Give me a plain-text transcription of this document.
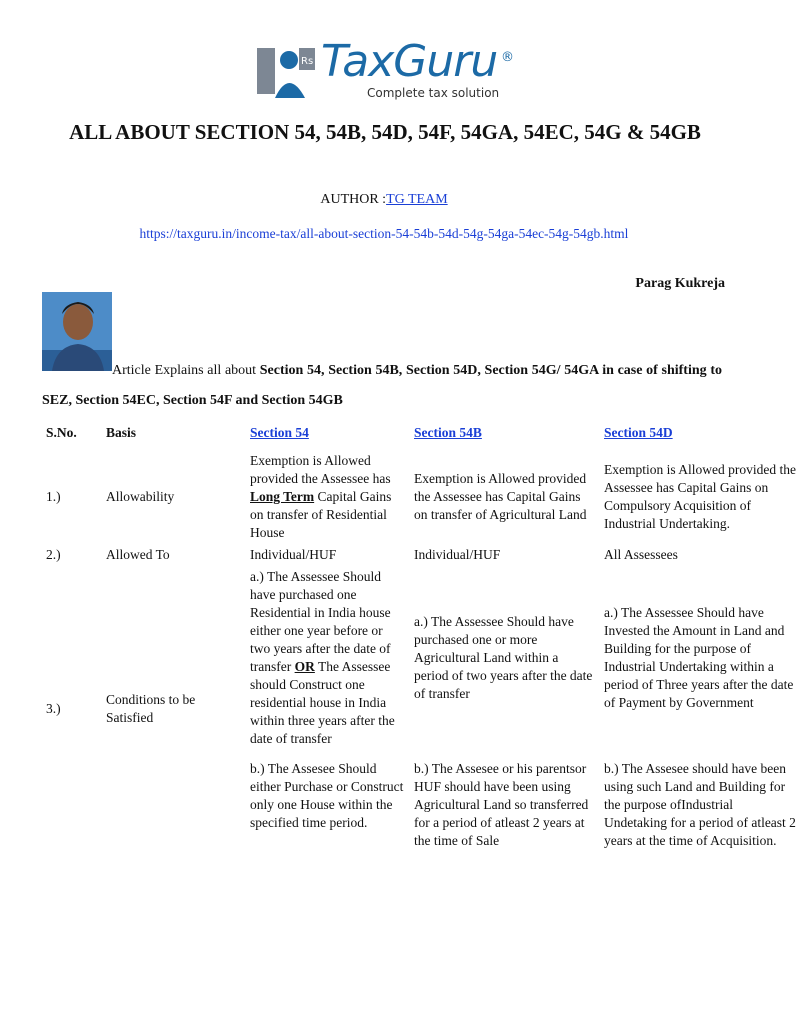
Rs TaxGuru ®
Complete tax solution
ALL ABOUT SECTION 54, 54B, 54D, 54F, 54GA, 54EC, 54G & 54GB
AUTHOR :TG TEAM
https://taxguru.in/income-tax/all-about-section-54-54b-54d-54g-54ga-54ec-54g-54gb.html
Parag Kukreja
Article Explains all about Section 54, Section 54B, Section 54D, Section 54G/ 54GA in case of shifting to SEZ, Section 54EC, Section 54F and Section 54GB
S.No.	Basis	Section 54	Section 54B	Section 54D
1.)	Allowability	Exemption is Allowed provided the Assessee has Long Term Capital Gains on transfer of Residential House	Exemption is Allowed provided the Assessee has Capital Gains on transfer of Agricultural Land	Exemption is Allowed provided the Assessee has Capital Gains on Compulsory Acquisition of Industrial Undertaking.
2.)	Allowed To	Individual/HUF	Individual/HUF	All Assessees
3.)	Conditions to be Satisfied	a.) The Assessee Should have purchased one Residential in India house either one year before or two years after the date of transfer OR The Assessee should Construct one residential house in India within three years after the date of transfer	a.) The Assessee Should have purchased one or more Agricultural Land within a period of two years after the date of transfer	a.) The Assessee Should have Invested the Amount in Land and Building for the purpose of Industrial Undertaking within a period of Three years after the date of Payment by Government
		b.) The Assesee Should either Purchase or Construct only one House within the specified time period.	b.) The Assesee or his parentsor HUF should have been using Agricultural Land so transferred for a period of atleast 2 years at the time of Sale	b.) The Assesee should have been using such Land and Building for the purpose ofIndustrial Undetaking for a period of atleast 2 years at the time of Acquisition.
